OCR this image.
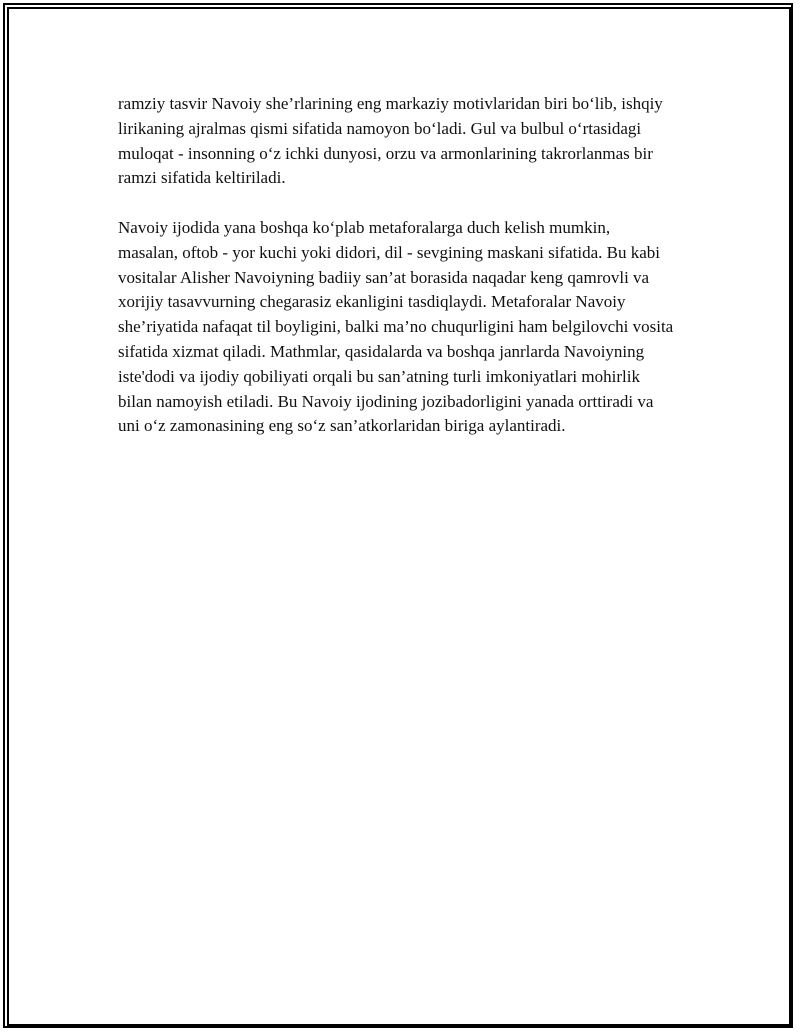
ramziy tasvir Navoiy she’rlarining eng markaziy motivlaridan biri bo‘lib, ishqiy lirikaning ajralmas qismi sifatida namoyon bo‘ladi. Gul va bulbul o‘rtasidagi muloqat - insonning o‘z ichki dunyosi, orzu va armonlarining takrorlanmas bir ramzi sifatida keltiriladi.

Navoiy ijodida yana boshqa ko‘plab metaforalarga duch kelish mumkin, masalan, oftob - yor kuchi yoki didori, dil - sevgining maskani sifatida. Bu kabi vositalar Alisher Navoiyning badiiy san’at borasida naqadar keng qamrovli va xorijiy tasavvurning chegarasiz ekanligini tasdiqlaydi. Metaforalar Navoiy she’riyatida nafaqat til boyligini, balki ma’no chuqurligini ham belgilovchi vosita sifatida xizmat qiladi. Mathmlar, qasidalarda va boshqa janrlarda Navoiyning iste'dodi va ijodiy qobiliyati orqali bu san’atning turli imkoniyatlari mohirlik bilan namoyish etiladi. Bu Navoiy ijodining jozibadorligini yanada orttiradi va uni o‘z zamonasining eng so‘z san’atkorlaridan biriga aylantiradi.
